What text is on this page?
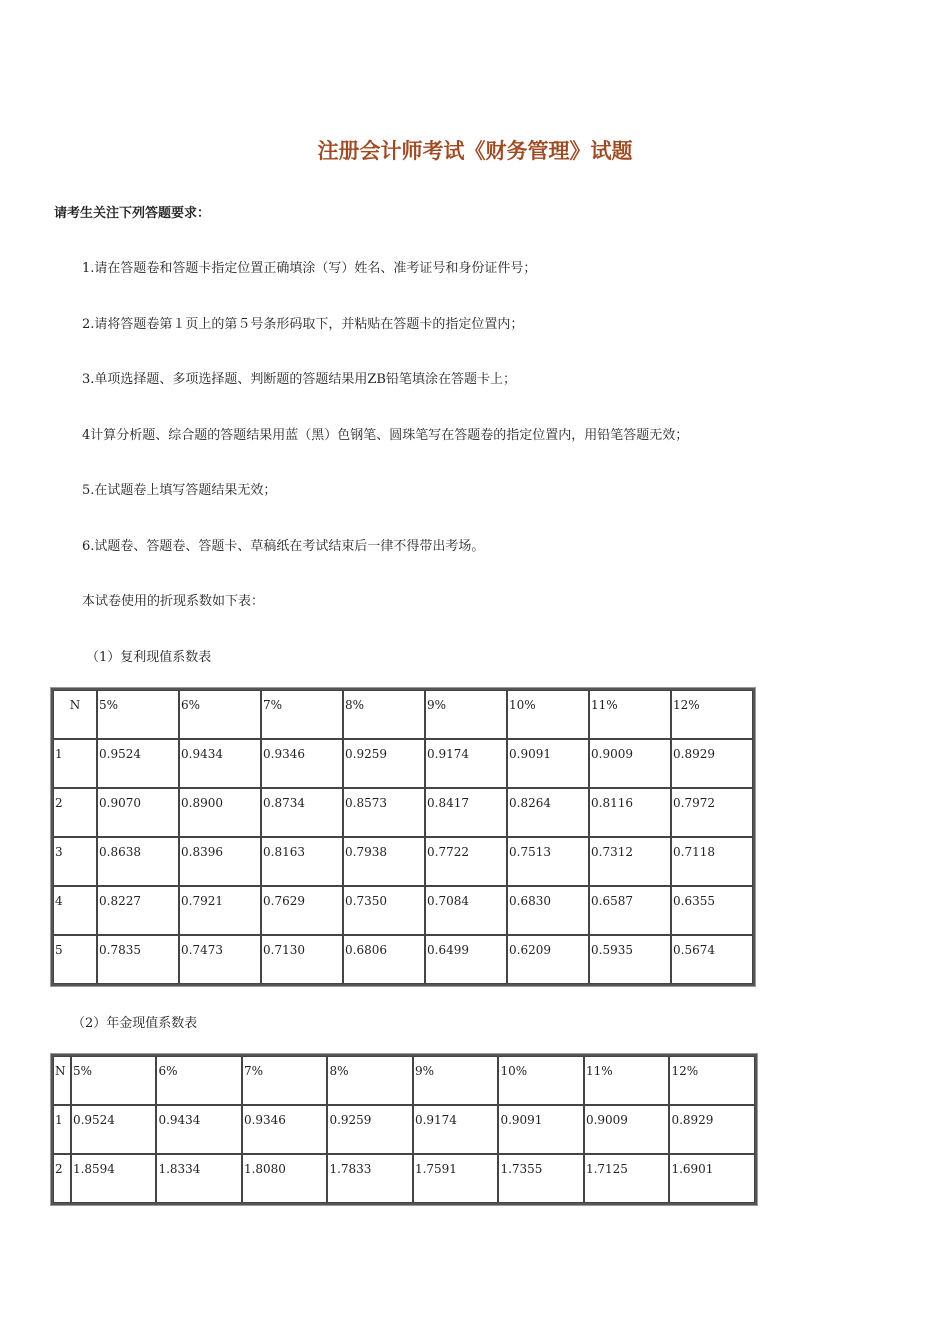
注册会计师考试《财务管理》试题
请考生关注下列答题要求：
1.请在答题卷和答题卡指定位置正确填涂（写）姓名、准考证号和身份证件号；
2.请将答题卷第１页上的第５号条形码取下，并粘贴在答题卡的指定位置内；
3.单项选择题、多项选择题、判断题的答题结果用ZB铅笔填涂在答题卡上；
4计算分析题、综合题的答题结果用蓝（黑）色钢笔、圆珠笔写在答题卷的指定位置内，用铅笔答题无效；
5.在试题卷上填写答题结果无效；
6.试题卷、答题卷、答题卡、草稿纸在考试结束后一律不得带出考场。
本试卷使用的折现系数如下表：
（1）复利现值系数表
N	5%	6%	7%	8%	9%	10%	11%	12%
1	0.9524	0.9434	0.9346	0.9259	0.9174	0.9091	0.9009	0.8929
2	0.9070	0.8900	0.8734	0.8573	0.8417	0.8264	0.8116	0.7972
3	0.8638	0.8396	0.8163	0.7938	0.7722	0.7513	0.7312	0.7118
4	0.8227	0.7921	0.7629	0.7350	0.7084	0.6830	0.6587	0.6355
5	0.7835	0.7473	0.7130	0.6806	0.6499	0.6209	0.5935	0.5674
（2）年金现值系数表
N	5%	6%	7%	8%	9%	10%	11%	12%
1	0.9524	0.9434	0.9346	0.9259	0.9174	0.9091	0.9009	0.8929
2	1.8594	1.8334	1.8080	1.7833	1.7591	1.7355	1.7125	1.6901
